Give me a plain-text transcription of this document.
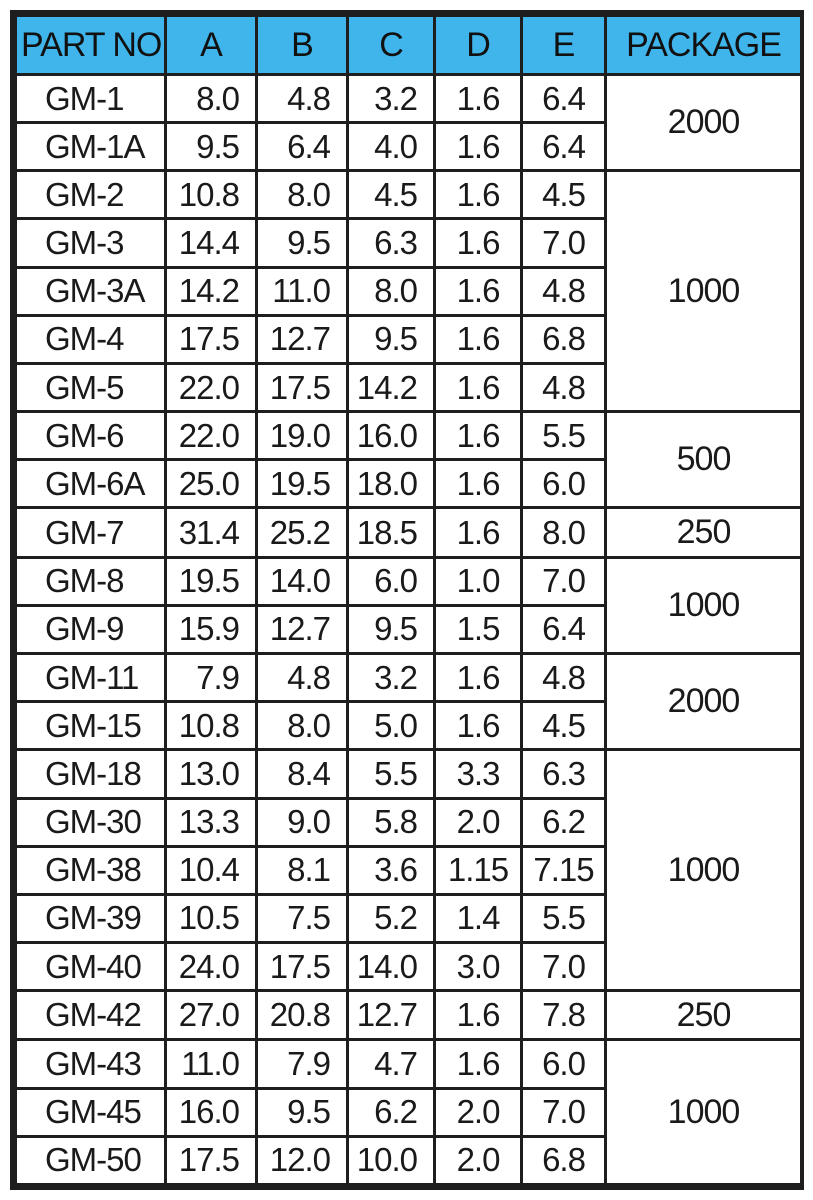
PART NO	A	B	C	D	E	PACKAGE
GM-1	8.0	4.8	3.2	1.6	6.4	2000
GM-1A	9.5	6.4	4.0	1.6	6.4	
GM-2	10.8	8.0	4.5	1.6	4.5	1000
GM-3	14.4	9.5	6.3	1.6	7.0	
GM-3A	14.2	11.0	8.0	1.6	4.8	
GM-4	17.5	12.7	9.5	1.6	6.8	
GM-5	22.0	17.5	14.2	1.6	4.8	
GM-6	22.0	19.0	16.0	1.6	5.5	500
GM-6A	25.0	19.5	18.0	1.6	6.0	
GM-7	31.4	25.2	18.5	1.6	8.0	250
GM-8	19.5	14.0	6.0	1.0	7.0	1000
GM-9	15.9	12.7	9.5	1.5	6.4	
GM-11	7.9	4.8	3.2	1.6	4.8	2000
GM-15	10.8	8.0	5.0	1.6	4.5	
GM-18	13.0	8.4	5.5	3.3	6.3	1000
GM-30	13.3	9.0	5.8	2.0	6.2	
GM-38	10.4	8.1	3.6	1.15	7.15	
GM-39	10.5	7.5	5.2	1.4	5.5	
GM-40	24.0	17.5	14.0	3.0	7.0	
GM-42	27.0	20.8	12.7	1.6	7.8	250
GM-43	11.0	7.9	4.7	1.6	6.0	1000
GM-45	16.0	9.5	6.2	2.0	7.0	
GM-50	17.5	12.0	10.0	2.0	6.8	
